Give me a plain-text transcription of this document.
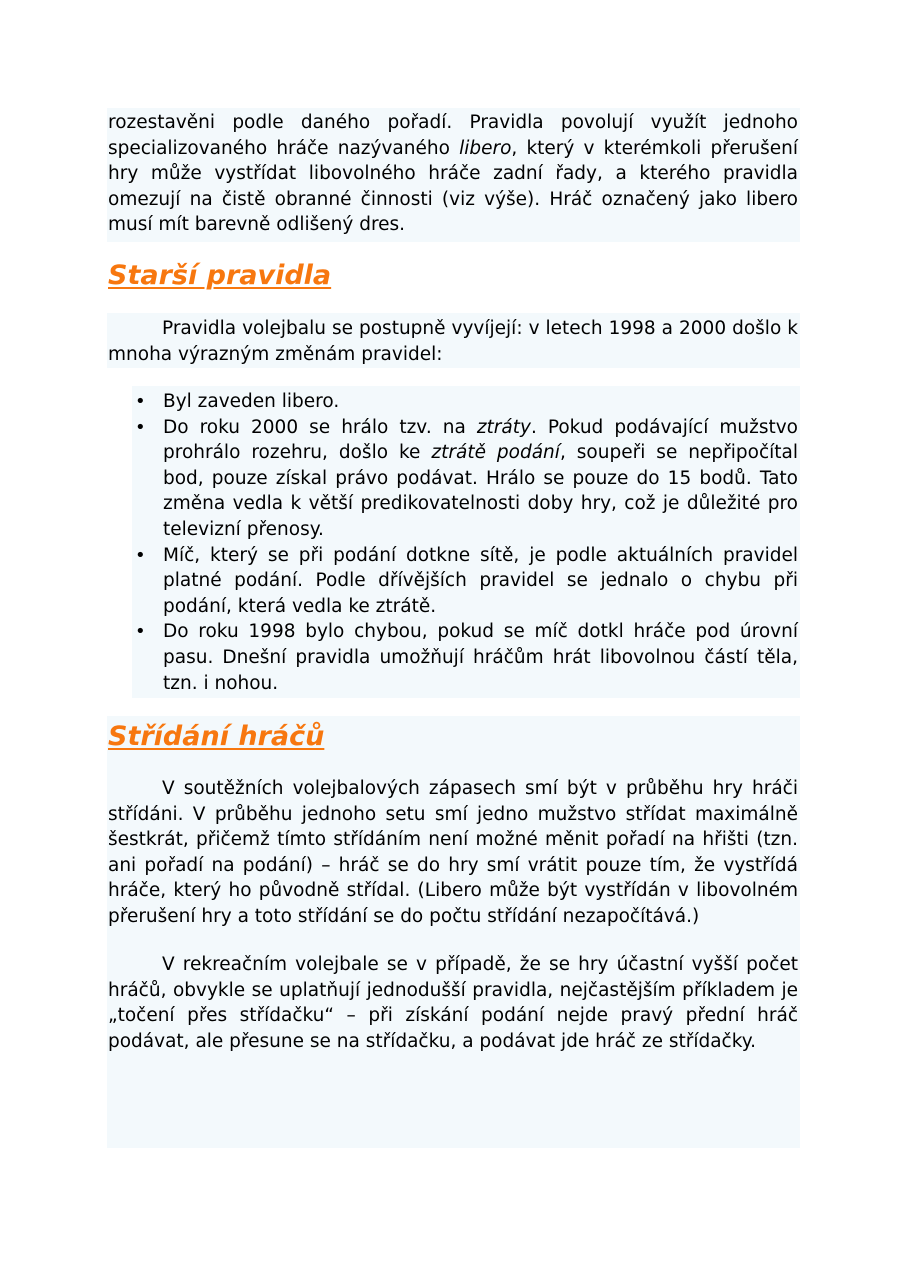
rozestavěni podle daného pořadí. Pravidla povolují využít jednoho specializovaného hráče nazývaného libero, který v kterémkoli přerušení hry může vystřídat libovolného hráče zadní řady, a kterého pravidla omezují na čistě obranné činnosti (viz výše). Hráč označený jako libero musí mít barevně odlišený dres.

Starší pravidla

Pravidla volejbalu se postupně vyvíjejí: v letech 1998 a 2000 došlo k mnoha výrazným změnám pravidel:

• Byl zaveden libero.
• Do roku 2000 se hrálo tzv. na ztráty. Pokud podávající mužstvo prohrálo rozehru, došlo ke ztrátě podání, soupeři se nepřipočítal bod, pouze získal právo podávat. Hrálo se pouze do 15 bodů. Tato změna vedla k větší predikovatelnosti doby hry, což je důležité pro televizní přenosy.
• Míč, který se při podání dotkne sítě, je podle aktuálních pravidel platné podání. Podle dřívějších pravidel se jednalo o chybu při podání, která vedla ke ztrátě.
• Do roku 1998 bylo chybou, pokud se míč dotkl hráče pod úrovní pasu. Dnešní pravidla umožňují hráčům hrát libovolnou částí těla, tzn. i nohou.
Střídání hráčů

V soutěžních volejbalových zápasech smí být v průběhu hry hráči střídáni. V průběhu jednoho setu smí jedno mužstvo střídat maximálně šestkrát, přičemž tímto střídáním není možné měnit pořadí na hřišti (tzn. ani pořadí na podání) – hráč se do hry smí vrátit pouze tím, že vystřídá hráče, který ho původně střídal. (Libero může být vystřídán v libovolném přerušení hry a toto střídání se do počtu střídání nezapočítává.)

V rekreačním volejbale se v případě, že se hry účastní vyšší počet hráčů, obvykle se uplatňují jednodušší pravidla, nejčastějším příkladem je „točení přes střídačku“ – při získání podání nejde pravý přední hráč podávat, ale přesune se na střídačku, a podávat jde hráč ze střídačky.
